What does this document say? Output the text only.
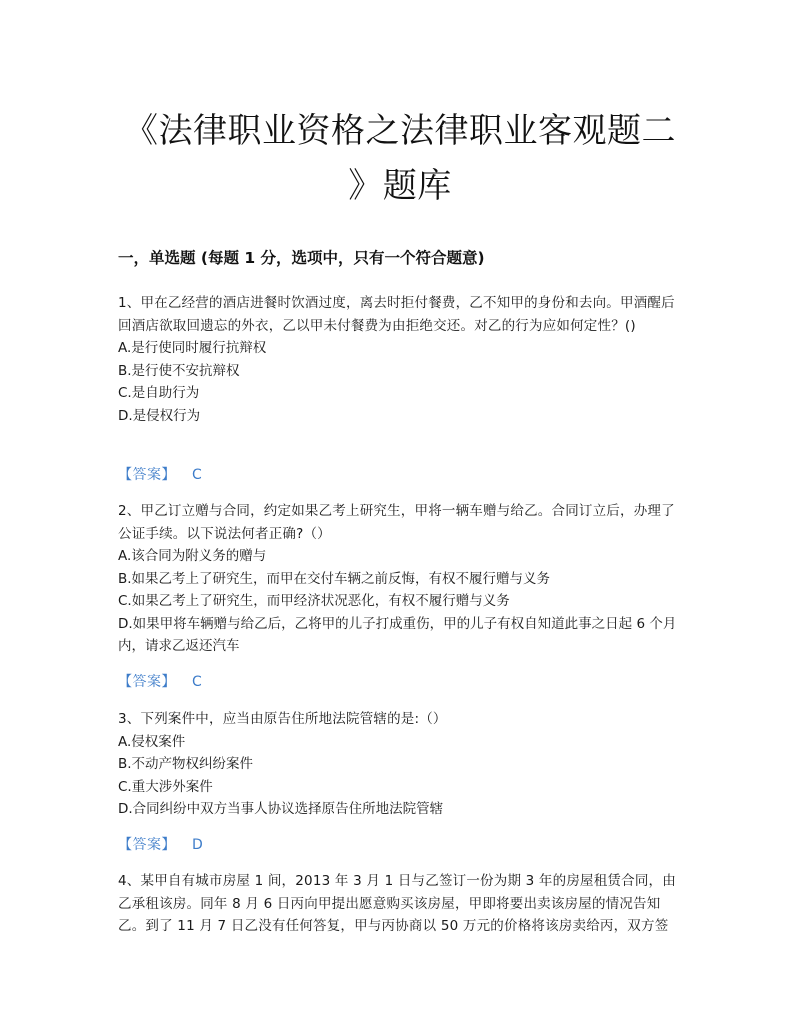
《法律职业资格之法律职业客观题二
》题库
一，单选题 (每题 1 分，选项中，只有一个符合题意)

1、甲在乙经营的酒店进餐时饮酒过度，离去时拒付餐费，乙不知甲的身份和去向。甲酒醒后回酒店欲取回遗忘的外衣，乙以甲未付餐费为由拒绝交还。对乙的行为应如何定性？()

A.是行使同时履行抗辩权

B.是行使不安抗辩权

C.是自助行为

D.是侵权行为

【答案】 C

2、甲乙订立赠与合同，约定如果乙考上研究生，甲将一辆车赠与给乙。合同订立后，办理了公证手续。以下说法何者正确?（）

A.该合同为附义务的赠与

B.如果乙考上了研究生，而甲在交付车辆之前反悔，有权不履行赠与义务

C.如果乙考上了研究生，而甲经济状况恶化，有权不履行赠与义务

D.如果甲将车辆赠与给乙后，乙将甲的儿子打成重伤，甲的儿子有权自知道此事之日起 6 个月内，请求乙返还汽车

【答案】 C

3、下列案件中，应当由原告住所地法院管辖的是:（）

A.侵权案件

B.不动产物权纠纷案件

C.重大涉外案件

D.合同纠纷中双方当事人协议选择原告住所地法院管辖

【答案】 D

4、某甲自有城市房屋 1 间，2013 年 3 月 1 日与乙签订一份为期 3 年的房屋租赁合同，由乙承租该房。同年 8 月 6 日丙向甲提出愿意购买该房屋，甲即将要出卖该房屋的情况告知乙。到了 11 月 7 日乙没有任何答复，甲与丙协商以 50 万元的价格将该房卖给丙，双方签
